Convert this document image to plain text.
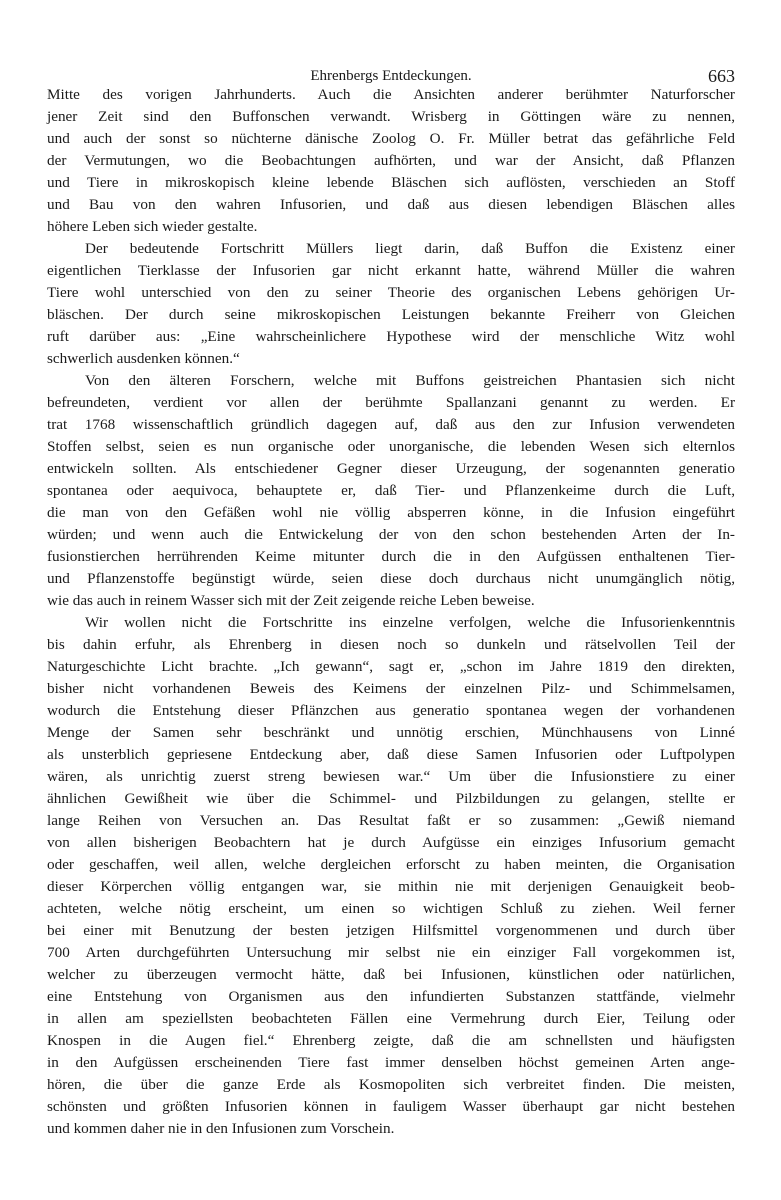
Ehrenbergs Entdeckungen.	663
Mitte des vorigen Jahrhunderts. Auch die Ansichten anderer berühmter Naturforscher
jener Zeit sind den Buffonschen verwandt. Wrisberg in Göttingen wäre zu nennen,
und auch der sonst so nüchterne dänische Zoolog O. Fr. Müller betrat das gefährliche Feld
der Vermutungen, wo die Beobachtungen aufhörten, und war der Ansicht, daß Pflanzen
und Tiere in mikroskopisch kleine lebende Bläschen sich auflösten, verschieden an Stoff
und Bau von den wahren Infusorien, und daß aus diesen lebendigen Bläschen alles
höhere Leben sich wieder gestalte.
Der bedeutende Fortschritt Müllers liegt darin, daß Buffon die Existenz einer
eigentlichen Tierklasse der Infusorien gar nicht erkannt hatte, während Müller die wahren
Tiere wohl unterschied von den zu seiner Theorie des organischen Lebens gehörigen Ur-
bläschen. Der durch seine mikroskopischen Leistungen bekannte Freiherr von Gleichen
ruft darüber aus: „Eine wahrscheinlichere Hypothese wird der menschliche Witz wohl
schwerlich ausdenken können.“
Von den älteren Forschern, welche mit Buffons geistreichen Phantasien sich nicht
befreundeten, verdient vor allen der berühmte Spallanzani genannt zu werden. Er
trat 1768 wissenschaftlich gründlich dagegen auf, daß aus den zur Infusion verwendeten
Stoffen selbst, seien es nun organische oder unorganische, die lebenden Wesen sich elternlos
entwickeln sollten. Als entschiedener Gegner dieser Urzeugung, der sogenannten generatio
spontanea oder aequivoca, behauptete er, daß Tier- und Pflanzenkeime durch die Luft,
die man von den Gefäßen wohl nie völlig absperren könne, in die Infusion eingeführt
würden; und wenn auch die Entwickelung der von den schon bestehenden Arten der In-
fusionstierchen herrührenden Keime mitunter durch die in den Aufgüssen enthaltenen Tier-
und Pflanzenstoffe begünstigt würde, seien diese doch durchaus nicht unumgänglich nötig,
wie das auch in reinem Wasser sich mit der Zeit zeigende reiche Leben beweise.
Wir wollen nicht die Fortschritte ins einzelne verfolgen, welche die Infusorienkenntnis
bis dahin erfuhr, als Ehrenberg in diesen noch so dunkeln und rätselvollen Teil der
Naturgeschichte Licht brachte. „Ich gewann“, sagt er, „schon im Jahre 1819 den direkten,
bisher nicht vorhandenen Beweis des Keimens der einzelnen Pilz- und Schimmelsamen,
wodurch die Entstehung dieser Pflänzchen aus generatio spontanea wegen der vorhandenen
Menge der Samen sehr beschränkt und unnötig erschien, Münchhausens von Linné
als unsterblich gepriesene Entdeckung aber, daß diese Samen Infusorien oder Luftpolypen
wären, als unrichtig zuerst streng bewiesen war.“ Um über die Infusionstiere zu einer
ähnlichen Gewißheit wie über die Schimmel- und Pilzbildungen zu gelangen, stellte er
lange Reihen von Versuchen an. Das Resultat faßt er so zusammen: „Gewiß niemand
von allen bisherigen Beobachtern hat je durch Aufgüsse ein einziges Infusorium gemacht
oder geschaffen, weil allen, welche dergleichen erforscht zu haben meinten, die Organisation
dieser Körperchen völlig entgangen war, sie mithin nie mit derjenigen Genauigkeit beob-
achteten, welche nötig erscheint, um einen so wichtigen Schluß zu ziehen. Weil ferner
bei einer mit Benutzung der besten jetzigen Hilfsmittel vorgenommenen und durch über
700 Arten durchgeführten Untersuchung mir selbst nie ein einziger Fall vorgekommen ist,
welcher zu überzeugen vermocht hätte, daß bei Infusionen, künstlichen oder natürlichen,
eine Entstehung von Organismen aus den infundierten Substanzen stattfände, vielmehr
in allen am speziellsten beobachteten Fällen eine Vermehrung durch Eier, Teilung oder
Knospen in die Augen fiel.“ Ehrenberg zeigte, daß die am schnellsten und häufigsten
in den Aufgüssen erscheinenden Tiere fast immer denselben höchst gemeinen Arten ange-
hören, die über die ganze Erde als Kosmopoliten sich verbreitet finden. Die meisten,
schönsten und größten Infusorien können in fauligem Wasser überhaupt gar nicht bestehen
und kommen daher nie in den Infusionen zum Vorschein.
